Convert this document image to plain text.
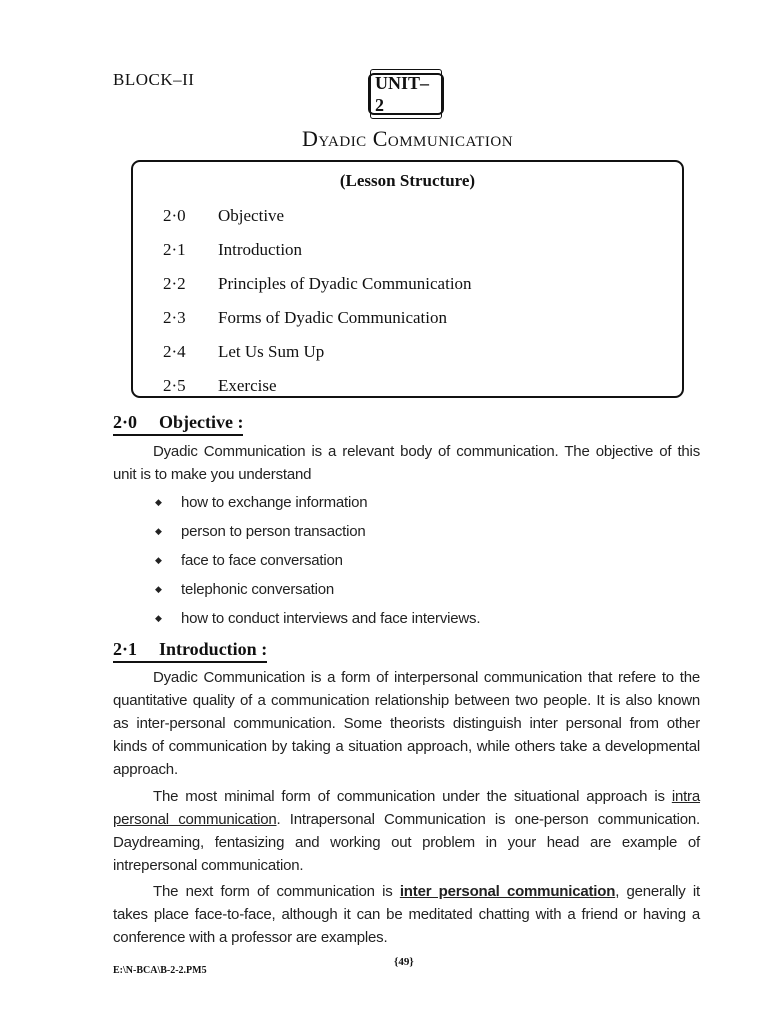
BLOCK–II	UNIT–2
Dyadic Communication
(Lesson Structure)
2·0 Objective
2·1 Introduction
2·2 Principles of Dyadic Communication
2·3 Forms of Dyadic Communication
2·4 Let Us Sum Up
2·5 Exercise
2·0 Objective :
Dyadic Communication is a relevant body of communication. The objective of this unit is to make you understand
◆ how to exchange information
◆ person to person transaction
◆ face to face conversation
◆ telephonic conversation
◆ how to conduct interviews and face interviews.
2·1 Introduction :
Dyadic Communication is a form of interpersonal communication that refere to the quantitative quality of a communication relationship between two people. It is also known as inter-personal communication. Some theorists distinguish inter personal from other kinds of communication by taking a situation approach, while others take a developmental approach.
The most minimal form of communication under the situational approach is intra personal communication. Intrapersonal Communication is one-person communication. Daydreaming, fentasizing and working out problem in your head are example of intrepersonal communication.
The next form of communication is inter personal communication, generally it takes place face-to-face, although it can be meditated chatting with a friend or having a conference with a professor are examples.
E:\N-BCA\B-2-2.PM5
{49}
